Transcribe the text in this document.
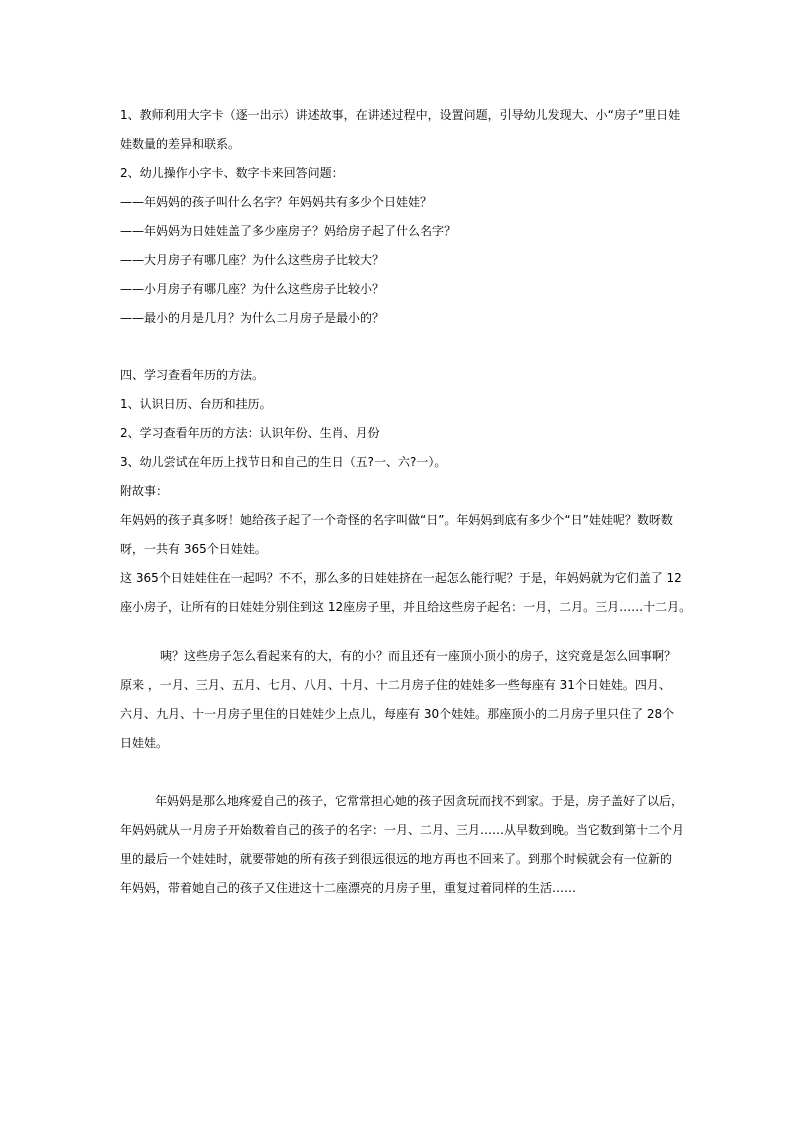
1、教师利用大字卡（逐一出示）讲述故事，在讲述过程中，设置问题，引导幼儿发现大、小“房子”里日娃
娃数量的差异和联系。
2、幼儿操作小字卡、数字卡来回答问题：
——年妈妈的孩子叫什么名字？年妈妈共有多少个日娃娃？
——年妈妈为日娃娃盖了多少座房子？妈给房子起了什么名字？
——大月房子有哪几座？为什么这些房子比较大？
——小月房子有哪几座？为什么这些房子比较小？
——最小的月是几月？为什么二月房子是最小的？
四、学习查看年历的方法。
1、认识日历、台历和挂历。
2、学习查看年历的方法：认识年份、生肖、月份
3、幼儿尝试在年历上找节日和自己的生日（五?一、六?一）。
附故事：
年妈妈的孩子真多呀！她给孩子起了一个奇怪的名字叫做“日”。年妈妈到底有多少个“日”娃娃呢？数呀数
呀，一共有 365个日娃娃。
这 365个日娃娃住在一起吗？不不，那么多的日娃娃挤在一起怎么能行呢？于是，年妈妈就为它们盖了 12
座小房子，让所有的日娃娃分别住到这 12座房子里，并且给这些房子起名：一月，二月。三月……十二月。
咦？这些房子怎么看起来有的大，有的小？而且还有一座顶小顶小的房子，这究竟是怎么回事啊？
原来 ，一月、三月、五月、七月、八月、十月、十二月房子住的娃娃多一些每座有 31个日娃娃。四月、
六月、九月、十一月房子里住的日娃娃少上点儿，每座有 30个娃娃。那座顶小的二月房子里只住了 28个
日娃娃。
年妈妈是那么地疼爱自己的孩子，它常常担心她的孩子因贪玩而找不到家。于是，房子盖好了以后，
年妈妈就从一月房子开始数着自己的孩子的名字：一月、二月、三月……从早数到晚。当它数到第十二个月
里的最后一个娃娃时，就要带她的所有孩子到很远很远的地方再也不回来了。到那个时候就会有一位新的
年妈妈，带着她自己的孩子又住进这十二座漂亮的月房子里，重复过着同样的生活……
